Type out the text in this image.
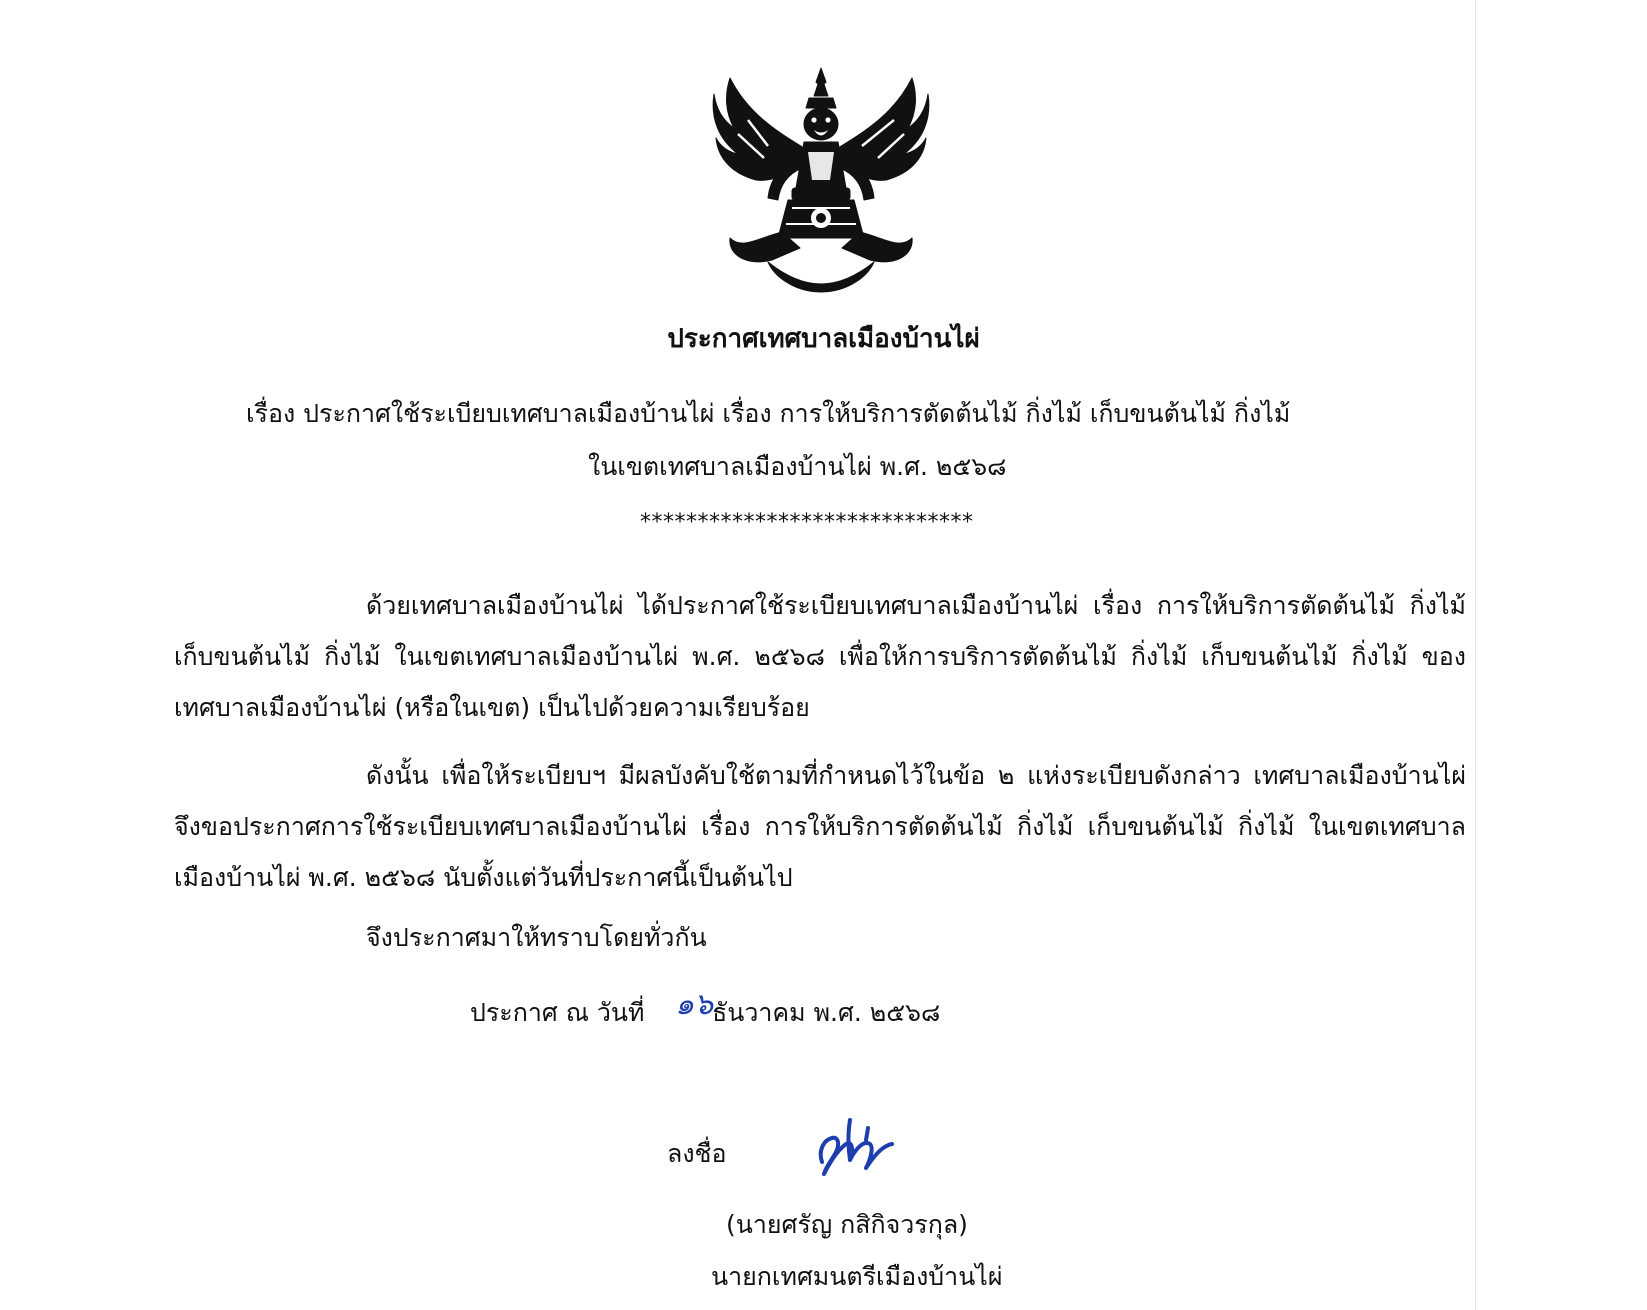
ประกาศเทศบาลเมืองบ้านไผ่
เรื่อง ประกาศใช้ระเบียบเทศบาลเมืองบ้านไผ่ เรื่อง การให้บริการตัดต้นไม้ กิ่งไม้ เก็บขนต้นไม้ กิ่งไม้
ในเขตเทศบาลเมืองบ้านไผ่ พ.ศ. ๒๕๖๘
*****************************

ด้วยเทศบาลเมืองบ้านไผ่ ได้ประกาศใช้ระเบียบเทศบาลเมืองบ้านไผ่ เรื่อง การให้บริการตัดต้นไม้ กิ่งไม้ เก็บขนต้นไม้ กิ่งไม้ ในเขตเทศบาลเมืองบ้านไผ่ พ.ศ. ๒๕๖๘ เพื่อให้การบริการตัดต้นไม้ กิ่งไม้ เก็บขนต้นไม้ กิ่งไม้ ของเทศบาลเมืองบ้านไผ่ (หรือในเขต) เป็นไปด้วยความเรียบร้อย

ดังนั้น เพื่อให้ระเบียบฯ มีผลบังคับใช้ตามที่กำหนดไว้ในข้อ ๒ แห่งระเบียบดังกล่าว เทศบาลเมืองบ้านไผ่ จึงขอประกาศการใช้ระเบียบเทศบาลเมืองบ้านไผ่ เรื่อง การให้บริการตัดต้นไม้ กิ่งไม้ เก็บขนต้นไม้ กิ่งไม้ ในเขตเทศบาลเมืองบ้านไผ่ พ.ศ. ๒๕๖๘ นับตั้งแต่วันที่ประกาศนี้เป็นต้นไป

จึงประกาศมาให้ทราบโดยทั่วกัน
ประกาศ ณ วันที่ ๑๖
ธันวาคม พ.ศ. ๒๕๖๘
ลงชื่อ
(นายศรัญ กสิกิจวรกุล)
นายกเทศมนตรีเมืองบ้านไผ่
